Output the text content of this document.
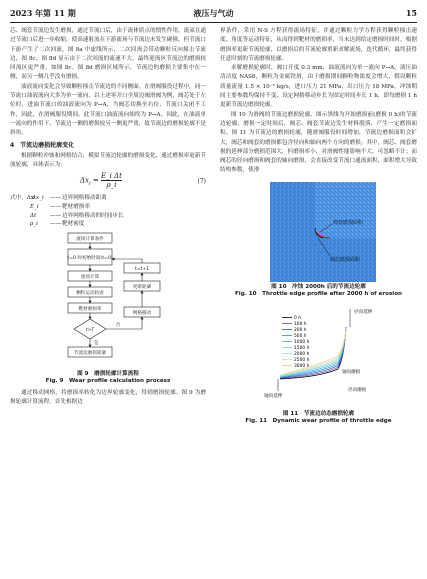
2023 年第 11 期	液压与气动	15

芯、阀套节流边发生磨损，通过节流口后，由于流体质点的惯性作用，流束在通过节流口后进一步收缩，使高速射流在下游流场与节流边未发生碰撞，但节流口下游产生了二次回流，图 8a 中虚线所示，二次回流会带动颗粒反向撞击节流边，图 8c、图 8d 显示由于二次回流的流速不大，最终迎流区节流边的磨损较回流区更严重，如图 8c、图 8d 磨损区域所示，节流边的磨损主要集中在一侧，而另一侧几乎没有磨损。

油液流向变化会导致颗粒撞击节流边的不同侧面。在滑阀服役过程中，同一节流口油液流向大多为单一流向，以上述零开口全周边阀滑阀为例，阀芯处于左位时，进油节流口的油液流向为 P→A，当阀芯切换至右位，节流口关闭不工作，因此，在滑阀服役期间，此节流口油液流向始终为 P→A。因此，在油液单一流向的作用下，节流边一侧的磨损较另一侧更严重，故节流边的磨损轮廓不是斜角。

4　节流边磨损轮廓变化

根据颗粒冲蚀和网格结合，模拟节流边轮廓的磨损变化，通过磨损率更新节流轮廓，具体表示为：

$\Delta x_i = \frac{\text{E\_i Δt}}{\rho\_i}$	(7)
式中，Δx
Δx_i —— 边界网格移动距离
E_i —— 靶材磨损率
Δt —— 边界网格移动的时间步长
ρ_i —— 靶材密度
流场计算条件
t=0 时初始时间(t=0)
流场计算
颗粒运动轨迹
靶材磨损率
更新轮廓
t=t+1
网格移动
t>T
是
否
节流边磨损轮廓
图 9　磨损轮廓计算流程
Fig. 9　Wear profile calculation process

通过移动网格，将磨损率转化为边界轮廓变化，得到磨损轮廓。图 9 为磨损轮廓计算流程。首先根据边

界条件，采用 N-S 方程获得流场特征，并通过颗粒力学方程获得颗粒撞击速度、角度等运动特征，从而得到靶材的磨损率，当未达到给定磨损时间时，根据磨损率更新节流轮廓，以磨损后的节流轮廓重新求解流场，迭代循环，最终获得任意时刻的节流磨损轮廓。

求解磨损轮廓时，阀口开度 0.3 mm，油液流向为单一流向 P→A，液压油清洁度 NAS6，颗粒为金属铁屑，由于磨损期间颗粒物浓度会增大，假设颗粒质量流量 1.5 × 10⁻⁵ kg/s，进口压力 21 MPa，出口压力 18 MPa，冲蚀期间主要参数均保持不变，设定网格移动步长为固定时间步长 1 h，即每磨损 1 h 更新节流边磨损轮廓。

图 10 为滑阀的节流边磨损轮廓，图示黑线为开始磨损前(磨损 0 h)的节流边轮廓，磨损一定时间后，阀芯、阀套节流边发生材料脱落，产生一定磨损面积。图 11 为节流边的磨损轮廓，随滑阀服役时间增加，节流边磨损面积会扩大，阀芯和阀套的磨损都包含径向和轴向两个方向的磨损。其中，阀芯、阀套磨损的延伸部分磨损范围大，但磨损率小，对滑阀性能影响不大，可忽略不计；而阀芯的径向磨损和阀套的轴向磨损，会直接改变节流口通流面积，面积增大导致结构参数，使滑

阀套磨损面积
阀芯磨损面积
图 10　冲蚀 2000h 后的节流边轮廓
Fig. 10　Throttle edge profile after 2000 h of erosion
径向延伸
轴向延伸
轴向磨损
径向磨损
0 h
100 h
200 h
500 h
1000 h
1500 h
2000 h
2500 h
3000 h
图 11　节流边动态磨损轮廓
Fig. 11　Dynamic wear profile of throttle edge
